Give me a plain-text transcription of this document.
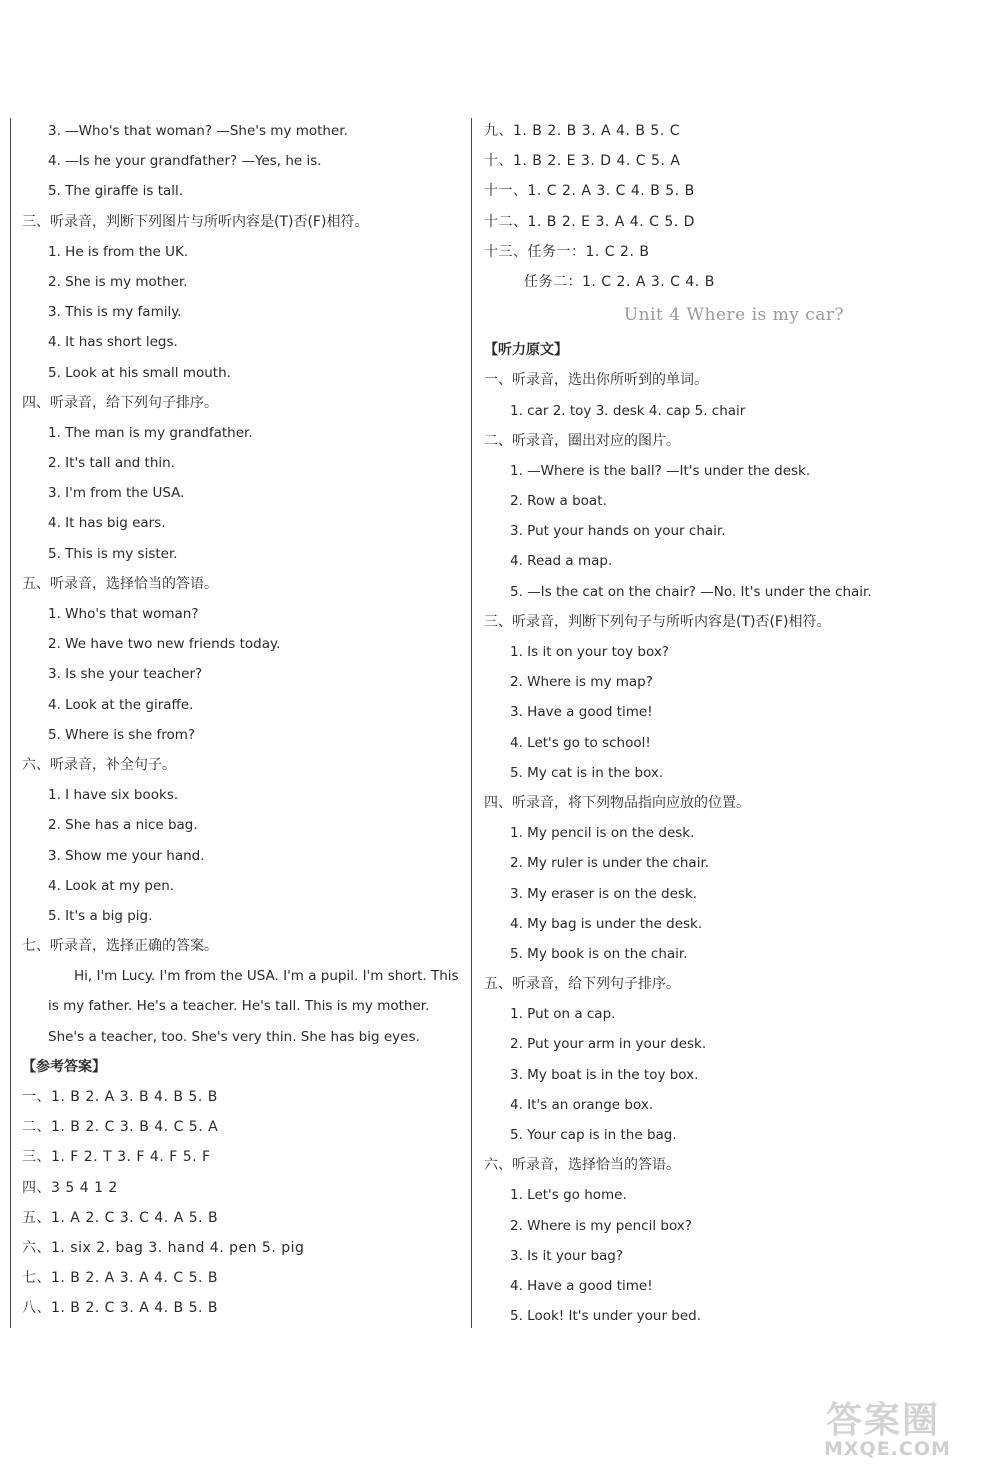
3. —Who's that woman? —She's my mother.
4. —Is he your grandfather? —Yes, he is.
5. The giraffe is tall.
三、听录音，判断下列图片与所听内容是(T)否(F)相符。
1. He is from the UK.
2. She is my mother.
3. This is my family.
4. It has short legs.
5. Look at his small mouth.
四、听录音，给下列句子排序。
1. The man is my grandfather.
2. It's tall and thin.
3. I'm from the USA.
4. It has big ears.
5. This is my sister.
五、听录音，选择恰当的答语。
1. Who's that woman?
2. We have two new friends today.
3. Is she your teacher?
4. Look at the giraffe.
5. Where is she from?
六、听录音，补全句子。
1. I have six books.
2. She has a nice bag.
3. Show me your hand.
4. Look at my pen.
5. It's a big pig.
七、听录音，选择正确的答案。

Hi, I'm Lucy. I'm from the USA. I'm a pupil. I'm short. This is my father. He's a teacher. He's tall. This is my mother. She's a teacher, too. She's very thin. She has big eyes.

【参考答案】
一、1. B 2. A 3. B 4. B 5. B
二、1. B 2. C 3. B 4. C 5. A
三、1. F 2. T 3. F 4. F 5. F
四、3 5 4 1 2
五、1. A 2. C 3. C 4. A 5. B
六、1. six 2. bag 3. hand 4. pen 5. pig
七、1. B 2. A 3. A 4. C 5. B
八、1. B 2. C 3. A 4. B 5. B
九、1. B 2. B 3. A 4. B 5. C
十、1. B 2. E 3. D 4. C 5. A
十一、1. C 2. A 3. C 4. B 5. B
十二、1. B 2. E 3. A 4. C 5. D
十三、任务一：1. C 2. B
任务二：1. C 2. A 3. C 4. B
Unit 4 Where is my car?
【听力原文】
一、听录音，选出你所听到的单词。
1. car 2. toy 3. desk 4. cap 5. chair
二、听录音，圈出对应的图片。
1. —Where is the ball? —It's under the desk.
2. Row a boat.
3. Put your hands on your chair.
4. Read a map.
5. —Is the cat on the chair? —No. It's under the chair.
三、听录音，判断下列句子与所听内容是(T)否(F)相符。
1. Is it on your toy box?
2. Where is my map?
3. Have a good time!
4. Let's go to school!
5. My cat is in the box.
四、听录音，将下列物品指向应放的位置。
1. My pencil is on the desk.
2. My ruler is under the chair.
3. My eraser is on the desk.
4. My bag is under the desk.
5. My book is on the chair.
五、听录音，给下列句子排序。
1. Put on a cap.
2. Put your arm in your desk.
3. My boat is in the toy box.
4. It's an orange box.
5. Your cap is in the bag.
六、听录音，选择恰当的答语。
1. Let's go home.
2. Where is my pencil box?
3. Is it your bag?
4. Have a good time!
5. Look! It's under your bed.
答案圈
MXQE.COM
